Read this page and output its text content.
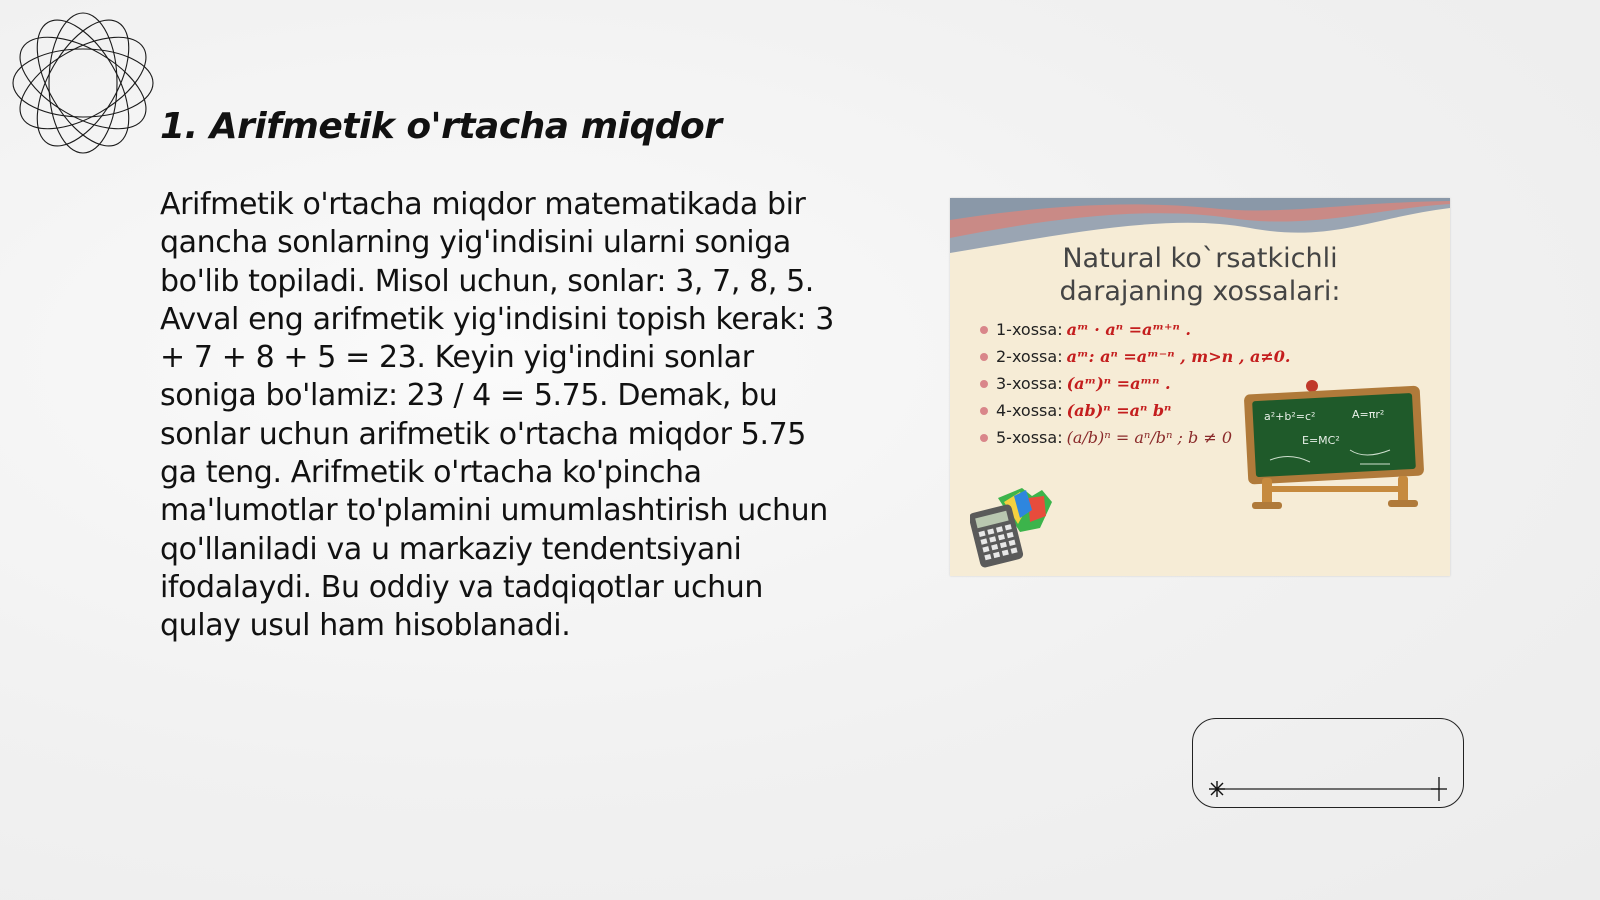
1. Arifmetik o'rtacha miqdor

Arifmetik o'rtacha miqdor matematikada bir qancha sonlarning yig'indisini ularni soniga bo'lib topiladi. Misol uchun, sonlar: 3, 7, 8, 5. Avval eng arifmetik yig'indisini topish kerak: 3 + 7 + 8 + 5 = 23. Keyin yig'indini sonlar soniga bo'lamiz: 23 / 4 = 5.75. Demak, bu sonlar uchun arifmetik o'rtacha miqdor 5.75 ga teng. Arifmetik o'rtacha ko'pincha ma'lumotlar to'plamini umumlashtirish uchun qo'llaniladi va u markaziy tendentsiyani ifodalaydi. Bu oddiy va tadqiqotlar uchun qulay usul ham hisoblanadi.

Natural ko`rsatkichli
darajaning xossalari:
1-xossa: aᵐ · aⁿ =aᵐ⁺ⁿ .
2-xossa: aᵐ: aⁿ =aᵐ⁻ⁿ , m>n , a≠0.
3-xossa: (aᵐ)ⁿ =aᵐⁿ .
4-xossa: (ab)ⁿ =aⁿ bⁿ
5-xossa: (a/b)ⁿ = aⁿ/bⁿ ; b ≠ 0
a²+b²=c²	A=πr²
E=MC²
